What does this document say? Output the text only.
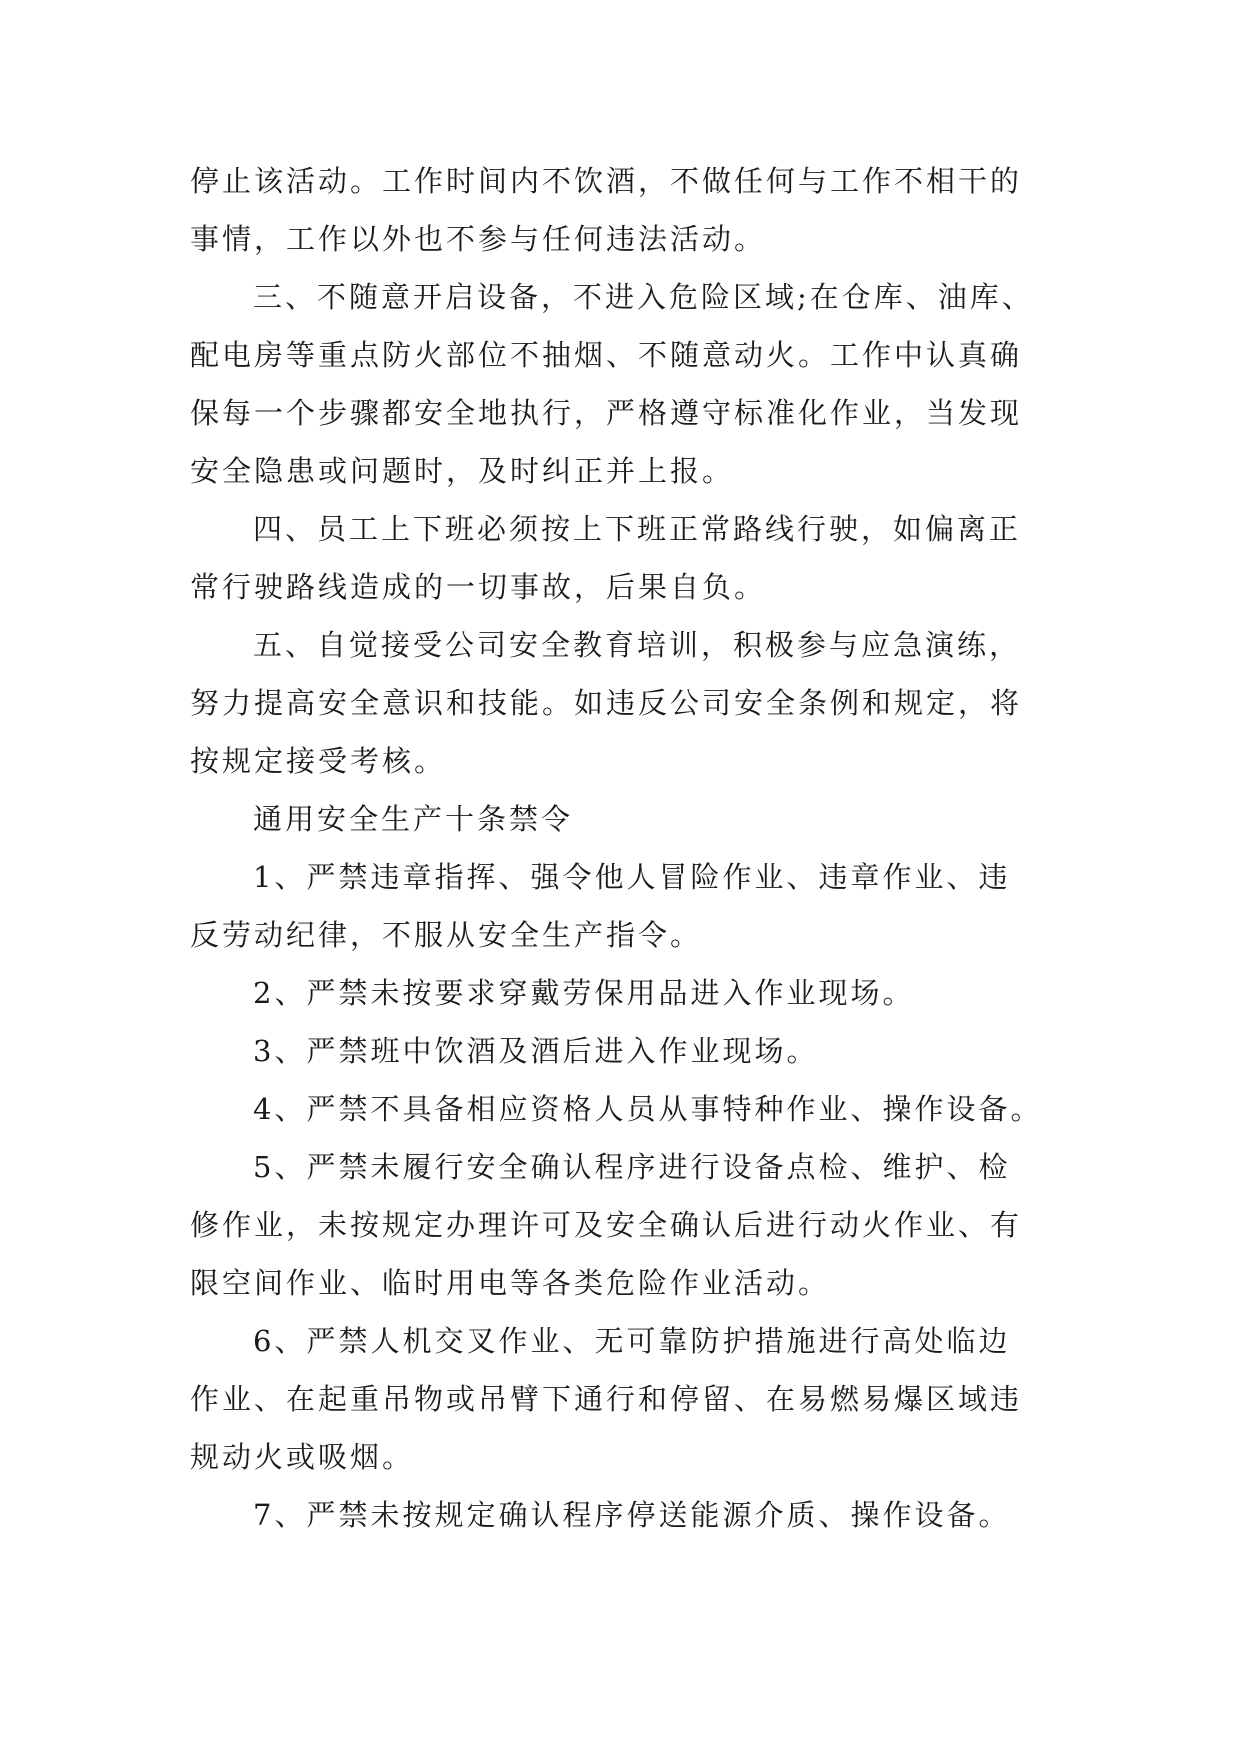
停止该活动。工作时间内不饮酒，不做任何与工作不相干的

事情，工作以外也不参与任何违法活动。

三、不随意开启设备，不进入危险区域;在仓库、油库、

配电房等重点防火部位不抽烟、不随意动火。工作中认真确

保每一个步骤都安全地执行，严格遵守标准化作业，当发现

安全隐患或问题时，及时纠正并上报。

四、员工上下班必须按上下班正常路线行驶，如偏离正

常行驶路线造成的一切事故，后果自负。

五、自觉接受公司安全教育培训，积极参与应急演练，

努力提高安全意识和技能。如违反公司安全条例和规定，将

按规定接受考核。

通用安全生产十条禁令

1、严禁违章指挥、强令他人冒险作业、违章作业、违

反劳动纪律，不服从安全生产指令。

2、严禁未按要求穿戴劳保用品进入作业现场。

3、严禁班中饮酒及酒后进入作业现场。

4、严禁不具备相应资格人员从事特种作业、操作设备。

5、严禁未履行安全确认程序进行设备点检、维护、检

修作业，未按规定办理许可及安全确认后进行动火作业、有

限空间作业、临时用电等各类危险作业活动。

6、严禁人机交叉作业、无可靠防护措施进行高处临边

作业、在起重吊物或吊臂下通行和停留、在易燃易爆区域违

规动火或吸烟。

7、严禁未按规定确认程序停送能源介质、操作设备。
